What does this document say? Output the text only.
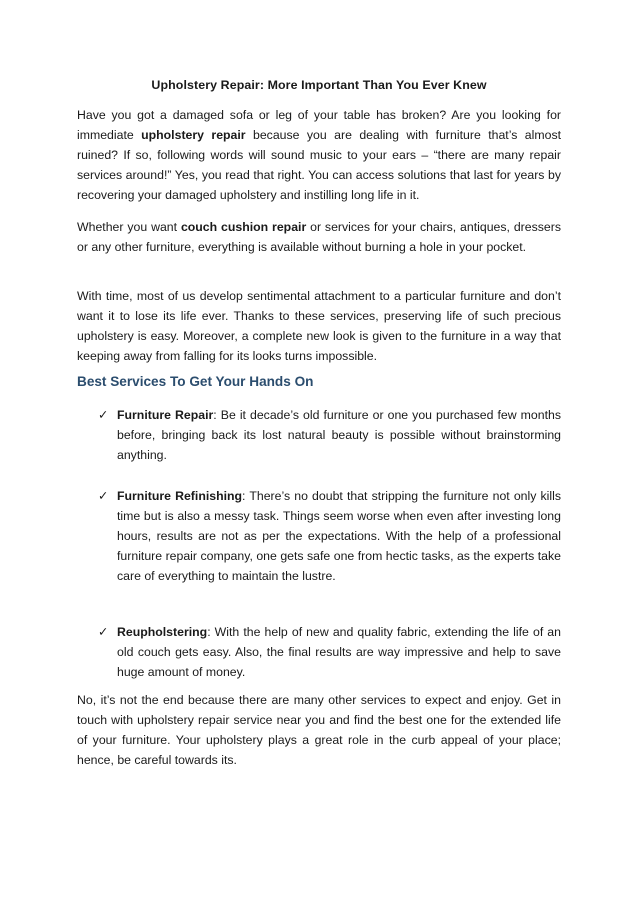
Upholstery Repair: More Important Than You Ever Knew

Have you got a damaged sofa or leg of your table has broken? Are you looking for immediate upholstery repair because you are dealing with furniture that’s almost ruined? If so, following words will sound music to your ears – “there are many repair services around!” Yes, you read that right. You can access solutions that last for years by recovering your damaged upholstery and instilling long life in it.

Whether you want couch cushion repair or services for your chairs, antiques, dressers or any other furniture, everything is available without burning a hole in your pocket.

With time, most of us develop sentimental attachment to a particular furniture and don’t want it to lose its life ever. Thanks to these services, preserving life of such precious upholstery is easy. Moreover, a complete new look is given to the furniture in a way that keeping away from falling for its looks turns impossible.

Best Services To Get Your Hands On
✓ Furniture Repair: Be it decade’s old furniture or one you purchased few months before, bringing back its lost natural beauty is possible without brainstorming anything.
✓ Furniture Refinishing: There’s no doubt that stripping the furniture not only kills time but is also a messy task. Things seem worse when even after investing long hours, results are not as per the expectations. With the help of a professional furniture repair company, one gets safe one from hectic tasks, as the experts take care of everything to maintain the lustre.
✓ Reupholstering: With the help of new and quality fabric, extending the life of an old couch gets easy. Also, the final results are way impressive and help to save huge amount of money.

No, it’s not the end because there are many other services to expect and enjoy. Get in touch with upholstery repair service near you and find the best one for the extended life of your furniture. Your upholstery plays a great role in the curb appeal of your place; hence, be careful towards its.
